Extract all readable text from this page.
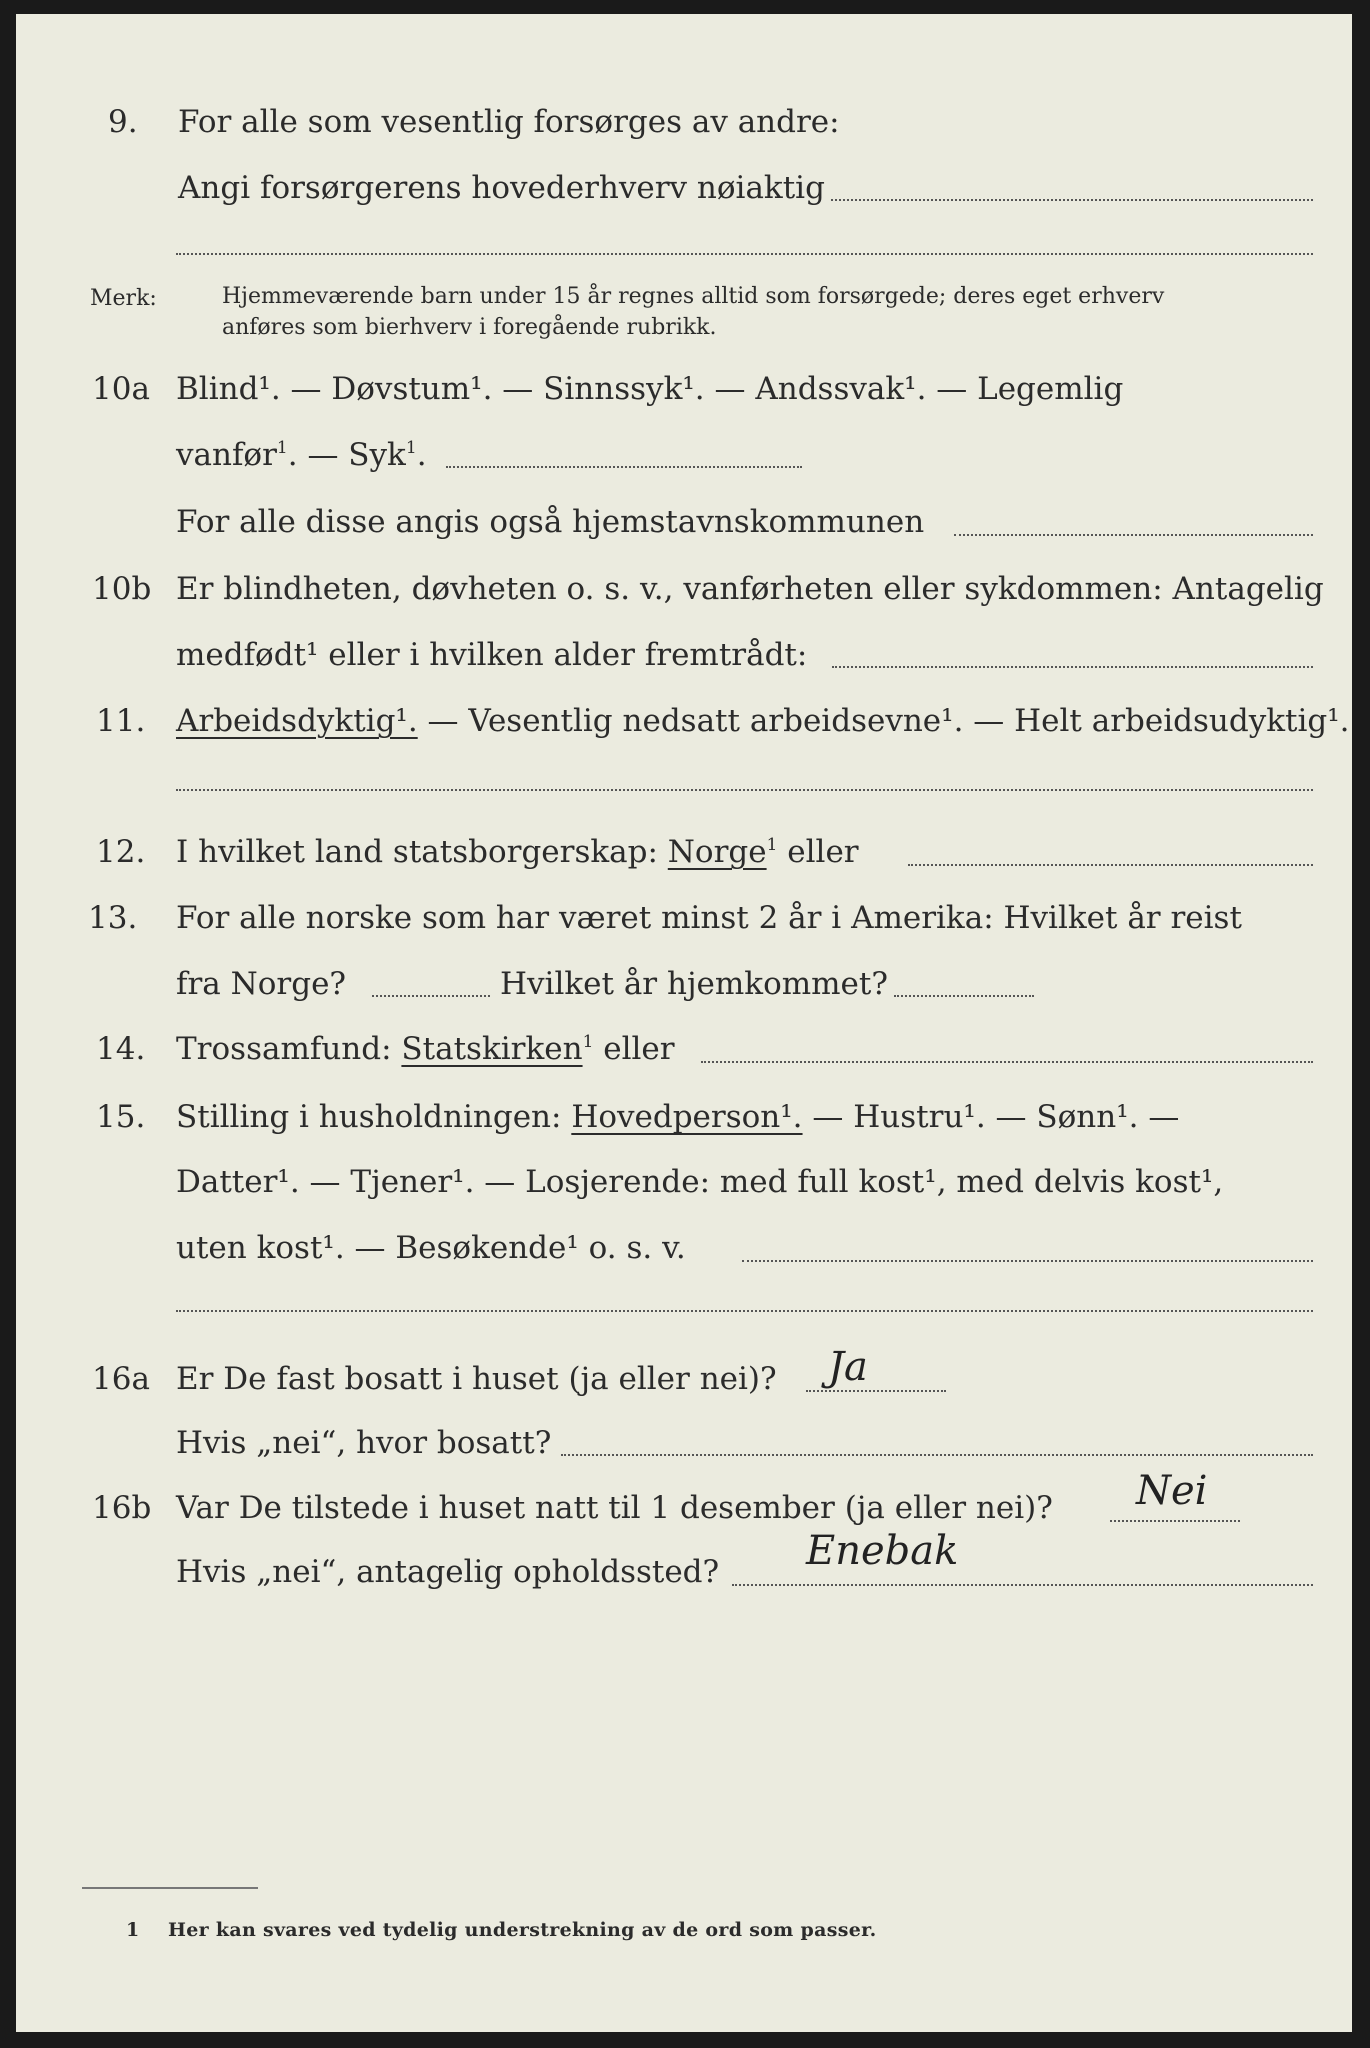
9. For alle som vesentlig forsørges av andre:
Angi forsørgerens hovederhverv nøiaktig
Merk:	Hjemmeværende barn under 15 år regnes alltid som forsørgede; deres eget erhverv
anføres som bierhverv i foregående rubrikk.
10a Blind¹. — Døvstum¹. — Sinnssyk¹. — Andssvak¹. — Legemlig
vanfør$^1$. — Syk$^1$.
For alle disse angis også hjemstavnskommunen
10b Er blindheten, døvheten o. s. v., vanførheten eller sykdommen: Antagelig
medfødt¹ eller i hvilken alder fremtrådt:
11. Arbeidsdyktig¹. — Vesentlig nedsatt arbeidsevne¹. — Helt arbeidsudyktig¹.
12. I hvilket land statsborgerskap: Norge$^1$ eller
13. For alle norske som har været minst 2 år i Amerika: Hvilket år reist
fra Norge?	Hvilket år hjemkommet?
14. Trossamfund: Statskirken$^1$ eller
15. Stilling i husholdningen: Hovedperson¹. — Hustru¹. — Sønn¹. —
Datter¹. — Tjener¹. — Losjerende: med full kost¹, med delvis kost¹,
uten kost¹. — Besøkende¹ o. s. v.
16a Er De fast bosatt i huset (ja eller nei)? Ja
Hvis „nei“, hvor bosatt?
16b Var De tilstede i huset natt til 1 desember (ja eller nei)? Nei
Hvis „nei“, antagelig opholdssted? Enebak
1 Her kan svares ved tydelig understrekning av de ord som passer.
